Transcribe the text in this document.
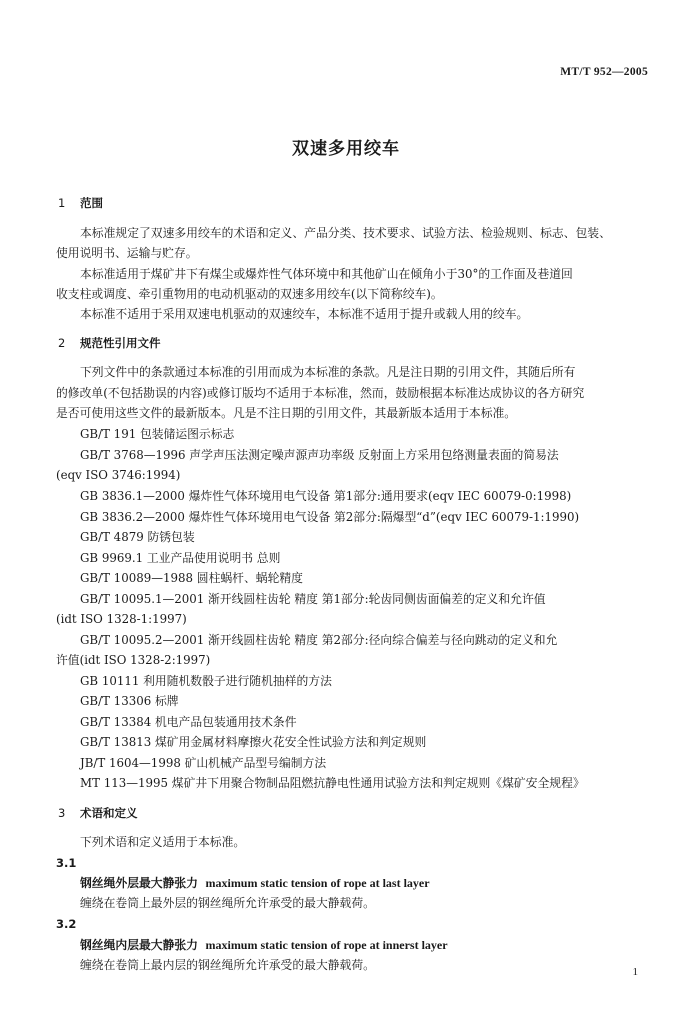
MT/T 952—2005
双速多用绞车
1 范围
本标准规定了双速多用绞车的术语和定义、产品分类、技术要求、试验方法、检验规则、标志、包装、
使用说明书、运输与贮存。
本标准适用于煤矿井下有煤尘或爆炸性气体环境中和其他矿山在倾角小于30°的工作面及巷道回
收支柱或调度、牵引重物用的电动机驱动的双速多用绞车(以下简称绞车)。
本标准不适用于采用双速电机驱动的双速绞车，本标准不适用于提升或载人用的绞车。
2 规范性引用文件
下列文件中的条款通过本标准的引用而成为本标准的条款。凡是注日期的引用文件，其随后所有
的修改单(不包括勘误的内容)或修订版均不适用于本标准，然而，鼓励根据本标准达成协议的各方研究
是否可使用这些文件的最新版本。凡是不注日期的引用文件，其最新版本适用于本标准。
GB/T 191 包装储运图示标志
GB/T 3768—1996 声学声压法测定噪声源声功率级 反射面上方采用包络测量表面的简易法
(eqv ISO 3746:1994)
GB 3836.1—2000 爆炸性气体环境用电气设备 第1部分:通用要求(eqv IEC 60079-0:1998)
GB 3836.2—2000 爆炸性气体环境用电气设备 第2部分:隔爆型“d”(eqv IEC 60079-1:1990)
GB/T 4879 防锈包装
GB 9969.1 工业产品使用说明书 总则
GB/T 10089—1988 圆柱蜗杆、蜗轮精度
GB/T 10095.1—2001 渐开线圆柱齿轮 精度 第1部分:轮齿同侧齿面偏差的定义和允许值
(idt ISO 1328-1:1997)
GB/T 10095.2—2001 渐开线圆柱齿轮 精度 第2部分:径向综合偏差与径向跳动的定义和允
许值(idt ISO 1328-2:1997)
GB 10111 利用随机数骰子进行随机抽样的方法
GB/T 13306 标牌
GB/T 13384 机电产品包装通用技术条件
GB/T 13813 煤矿用金属材料摩擦火花安全性试验方法和判定规则
JB/T 1604—1998 矿山机械产品型号编制方法
MT 113—1995 煤矿井下用聚合物制品阻燃抗静电性通用试验方法和判定规则《煤矿安全规程》
3 术语和定义
下列术语和定义适用于本标准。
3.1
钢丝绳外层最大静张力 maximum static tension of rope at last layer
缠绕在卷筒上最外层的钢丝绳所允许承受的最大静载荷。
3.2
钢丝绳内层最大静张力 maximum static tension of rope at innerst layer
缠绕在卷筒上最内层的钢丝绳所允许承受的最大静载荷。	1
